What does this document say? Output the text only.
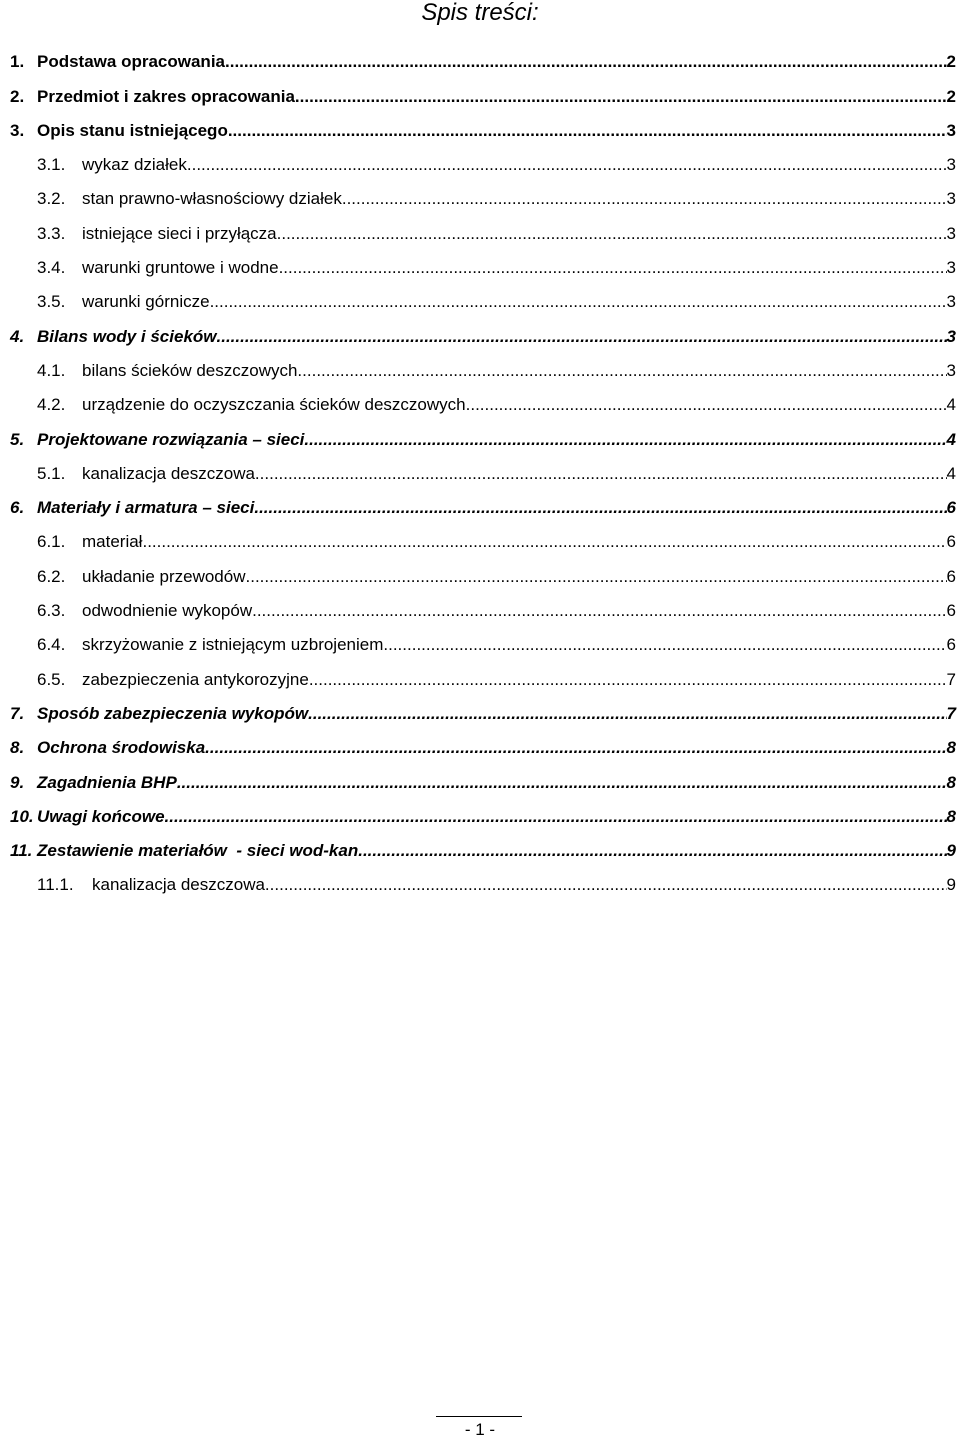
Spis treści:
1. Podstawa opracowania .....	2
2. Przedmiot i zakres opracowania .....	2
3. Opis stanu istniejącego .....	3
3.1. wykaz działek .....	3
3.2. stan prawno-własnościowy działek .....	3
3.3. istniejące sieci i przyłącza .....	3
3.4. warunki gruntowe i wodne .....	3
3.5. warunki górnicze .....	3
4. Bilans wody i ścieków .....	3
4.1. bilans ścieków deszczowych .....	3
4.2. urządzenie do oczyszczania ścieków deszczowych .....	4
5. Projektowane rozwiązania – sieci .....	4
5.1. kanalizacja deszczowa .....	4
6. Materiały i armatura – sieci .....	6
6.1. materiał .....	6
6.2. układanie przewodów .....	6
6.3. odwodnienie wykopów .....	6
6.4. skrzyżowanie z istniejącym uzbrojeniem .....	6
6.5. zabezpieczenia antykorozyjne .....	7
7. Sposób zabezpieczenia wykopów .....	7
8. Ochrona środowiska .....	8
9. Zagadnienia BHP .....	8
10. Uwagi końcowe .....	8
11. Zestawienie materiałów  - sieci wod-kan .....	9
11.1.	kanalizacja deszczowa .....	9
- 1 -
